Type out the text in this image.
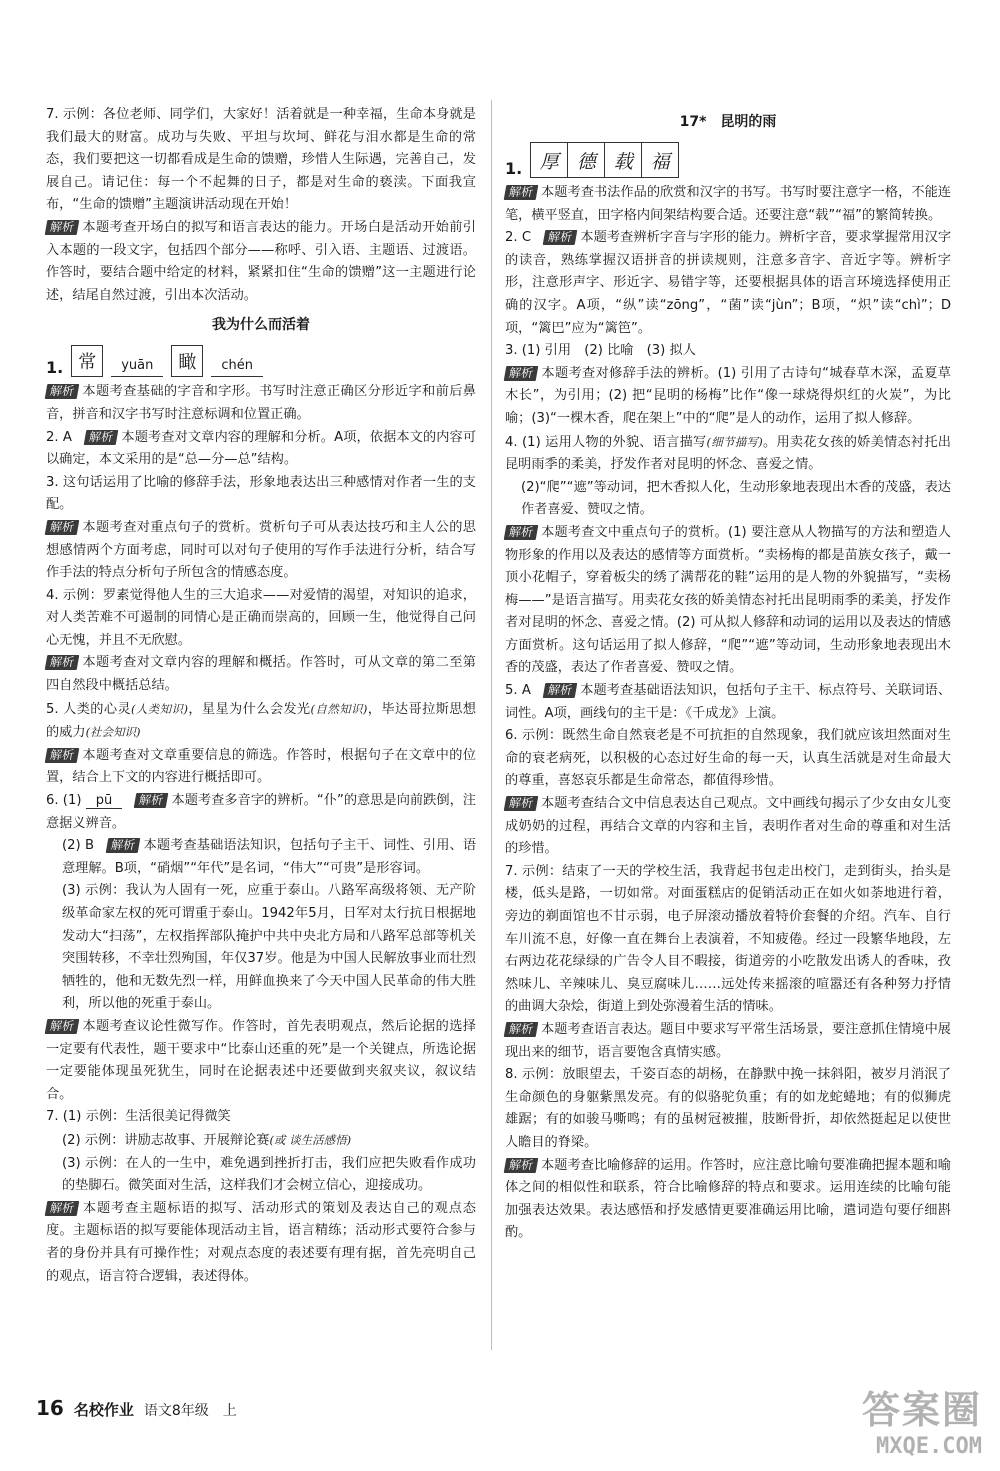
7. 示例：各位老师、同学们，大家好！活着就是一种幸福，生命本身就是我们最大的财富。成功与失败、平坦与坎坷、鲜花与泪水都是生命的常态，我们要把这一切都看成是生命的馈赠，珍惜人生际遇，完善自己，发展自己。请记住：每一个不起舞的日子，都是对生命的亵渎。下面我宣布，“生命的馈赠”主题演讲活动现在开始！

解析 本题考查开场白的拟写和语言表达的能力。开场白是活动开始前引入本题的一段文字，包括四个部分——称呼、引入语、主题语、过渡语。作答时，要结合题中给定的材料，紧紧扣住“生命的馈赠”这一主题进行论述，结尾自然过渡，引出本次活动。

我为什么而活着
1. 常	yuān	瞰	chén

解析 本题考查基础的字音和字形。书写时注意正确区分形近字和前后鼻音，拼音和汉字书写时注意标调和位置正确。

2. A　 解析 本题考查对文章内容的理解和分析。A项，依据本文的内容可以确定，本文采用的是“总—分—总”结构。

3. 这句话运用了比喻的修辞手法，形象地表达出三种感情对作者一生的支配。

解析 本题考查对重点句子的赏析。赏析句子可从表达技巧和主人公的思想感情两个方面考虑，同时可以对句子使用的写作手法进行分析，结合写作手法的特点分析句子所包含的情感态度。

4. 示例：罗素觉得他人生的三大追求——对爱情的渴望，对知识的追求，对人类苦难不可遏制的同情心是正确而崇高的，回顾一生，他觉得自己问心无愧，并且不无欣慰。

解析 本题考查对文章内容的理解和概括。作答时，可从文章的第二至第四自然段中概括总结。

5. 人类的心灵(人类知识)，星星为什么会发光(自然知识)，毕达哥拉斯思想的威力(社会知识)

解析 本题考查对文章重要信息的筛选。作答时，根据句子在文章中的位置，结合上下文的内容进行概括即可。

6. (1) pū　 解析 本题考查多音字的辨析。“仆”的意思是向前跌倒，注意据义辨音。

(2) B　 解析 本题考查基础语法知识，包括句子主干、词性、引用、语意理解。B项，“硝烟”“年代”是名词，“伟大”“可贵”是形容词。

(3) 示例：我认为人固有一死，应重于泰山。八路军高级将领、无产阶级革命家左权的死可谓重于泰山。1942年5月，日军对太行抗日根据地发动大“扫荡”，左权指挥部队掩护中共中央北方局和八路军总部等机关突围转移，不幸壮烈殉国，年仅37岁。他是为中国人民解放事业而壮烈牺牲的，他和无数先烈一样，用鲜血换来了今天中国人民革命的伟大胜利，所以他的死重于泰山。

解析 本题考查议论性微写作。作答时，首先表明观点，然后论据的选择一定要有代表性，题干要求中“比泰山还重的死”是一个关键点，所选论据一定要能体现虽死犹生，同时在论据表述中还要做到夹叙夹议，叙议结合。

7. (1) 示例：生活很美记得微笑

(2) 示例：讲励志故事、开展辩论赛(或 谈生活感悟)

(3) 示例：在人的一生中，难免遇到挫折打击，我们应把失败看作成功的垫脚石。微笑面对生活，这样我们才会树立信心，迎接成功。

解析 本题考查主题标语的拟写、活动形式的策划及表达自己的观点态度。主题标语的拟写要能体现活动主旨，语言精练；活动形式要符合参与者的身份并具有可操作性；对观点态度的表述要有理有据，首先亮明自己的观点，语言符合逻辑，表述得体。

17*　昆明的雨
1. 厚 德 载 福

解析 本题考查书法作品的欣赏和汉字的书写。书写时要注意字一格，不能连笔，横平竖直，田字格内间架结构要合适。还要注意“载”“福”的繁简转换。

2. C　 解析 本题考查辨析字音与字形的能力。辨析字音，要求掌握常用汉字的读音，熟练掌握汉语拼音的拼读规则，注意多音字、音近字等。辨析字形，注意形声字、形近字、易错字等，还要根据具体的语言环境选择使用正确的汉字。A项，“纵”读“zōng”，“菌”读“jùn”；B项，“炽”读“chì”；D项，“篱巴”应为“篱笆”。

3. (1) 引用　(2) 比喻　(3) 拟人

解析 本题考查对修辞手法的辨析。(1) 引用了古诗句“城春草木深，孟夏草木长”，为引用；(2) 把“昆明的杨梅”比作“像一球烧得炽红的火炭”，为比喻；(3)“一棵木香，爬在架上”中的“爬”是人的动作，运用了拟人修辞。

4. (1) 运用人物的外貌、语言描写(细节描写)。用卖花女孩的娇美情态衬托出昆明雨季的柔美，抒发作者对昆明的怀念、喜爱之情。

(2)“爬”“遮”等动词，把木香拟人化，生动形象地表现出木香的茂盛，表达作者喜爱、赞叹之情。

解析 本题考查文中重点句子的赏析。(1) 要注意从人物描写的方法和塑造人物形象的作用以及表达的感情等方面赏析。“卖杨梅的都是苗族女孩子，戴一顶小花帽子，穿着板尖的绣了满帮花的鞋”运用的是人物的外貌描写，“卖杨梅——”是语言描写。用卖花女孩的娇美情态衬托出昆明雨季的柔美，抒发作者对昆明的怀念、喜爱之情。(2) 可从拟人修辞和动词的运用以及表达的情感方面赏析。这句话运用了拟人修辞，“爬”“遮”等动词，生动形象地表现出木香的茂盛，表达了作者喜爱、赞叹之情。

5. A　 解析 本题考查基础语法知识，包括句子主干、标点符号、关联词语、词性。A项，画线句的主干是：《千成龙》上演。

6. 示例：既然生命自然衰老是不可抗拒的自然现象，我们就应该坦然面对生命的衰老病死，以积极的心态过好生命的每一天，认真生活就是对生命最大的尊重，喜怒哀乐都是生命常态，都值得珍惜。

解析 本题考查结合文中信息表达自己观点。文中画线句揭示了少女由女儿变成奶奶的过程，再结合文章的内容和主旨，表明作者对生命的尊重和对生活的珍惜。

7. 示例：结束了一天的学校生活，我背起书包走出校门，走到街头，抬头是楼，低头是路，一切如常。对面蛋糕店的促销活动正在如火如荼地进行着，旁边的剃面馆也不甘示弱，电子屏滚动播放着特价套餐的介绍。汽车、自行车川流不息，好像一直在舞台上表演着，不知疲倦。经过一段繁华地段，左右两边花花绿绿的广告令人目不暇接，街道旁的小吃散发出诱人的香味，孜然味儿、辛辣味儿、臭豆腐味儿……远处传来摇滚的喧嚣还有各种努力抒情的曲调大杂烩，街道上到处弥漫着生活的情味。

解析 本题考查语言表达。题目中要求写平常生活场景，要注意抓住情境中展现出来的细节，语言要饱含真情实感。

8. 示例：放眼望去，千姿百态的胡杨，在静默中挽一抹斜阳，被岁月消泯了生命颜色的身躯紫黑发亮。有的似骆驼负重；有的如龙蛇蜷地；有的似狮虎雄踞；有的如骏马嘶鸣；有的虽树冠被摧，肢断骨折，却依然挺起足以使世人瞻目的脊梁。

解析 本题考查比喻修辞的运用。作答时，应注意比喻句要准确把握本题和喻体之间的相似性和联系，符合比喻修辞的特点和要求。运用连续的比喻句能加强表达效果。表达感悟和抒发感情更要准确运用比喻，遣词造句要仔细斟酌。

16 名校作业 语文8年级　上	答案圈
MXQE.COM
